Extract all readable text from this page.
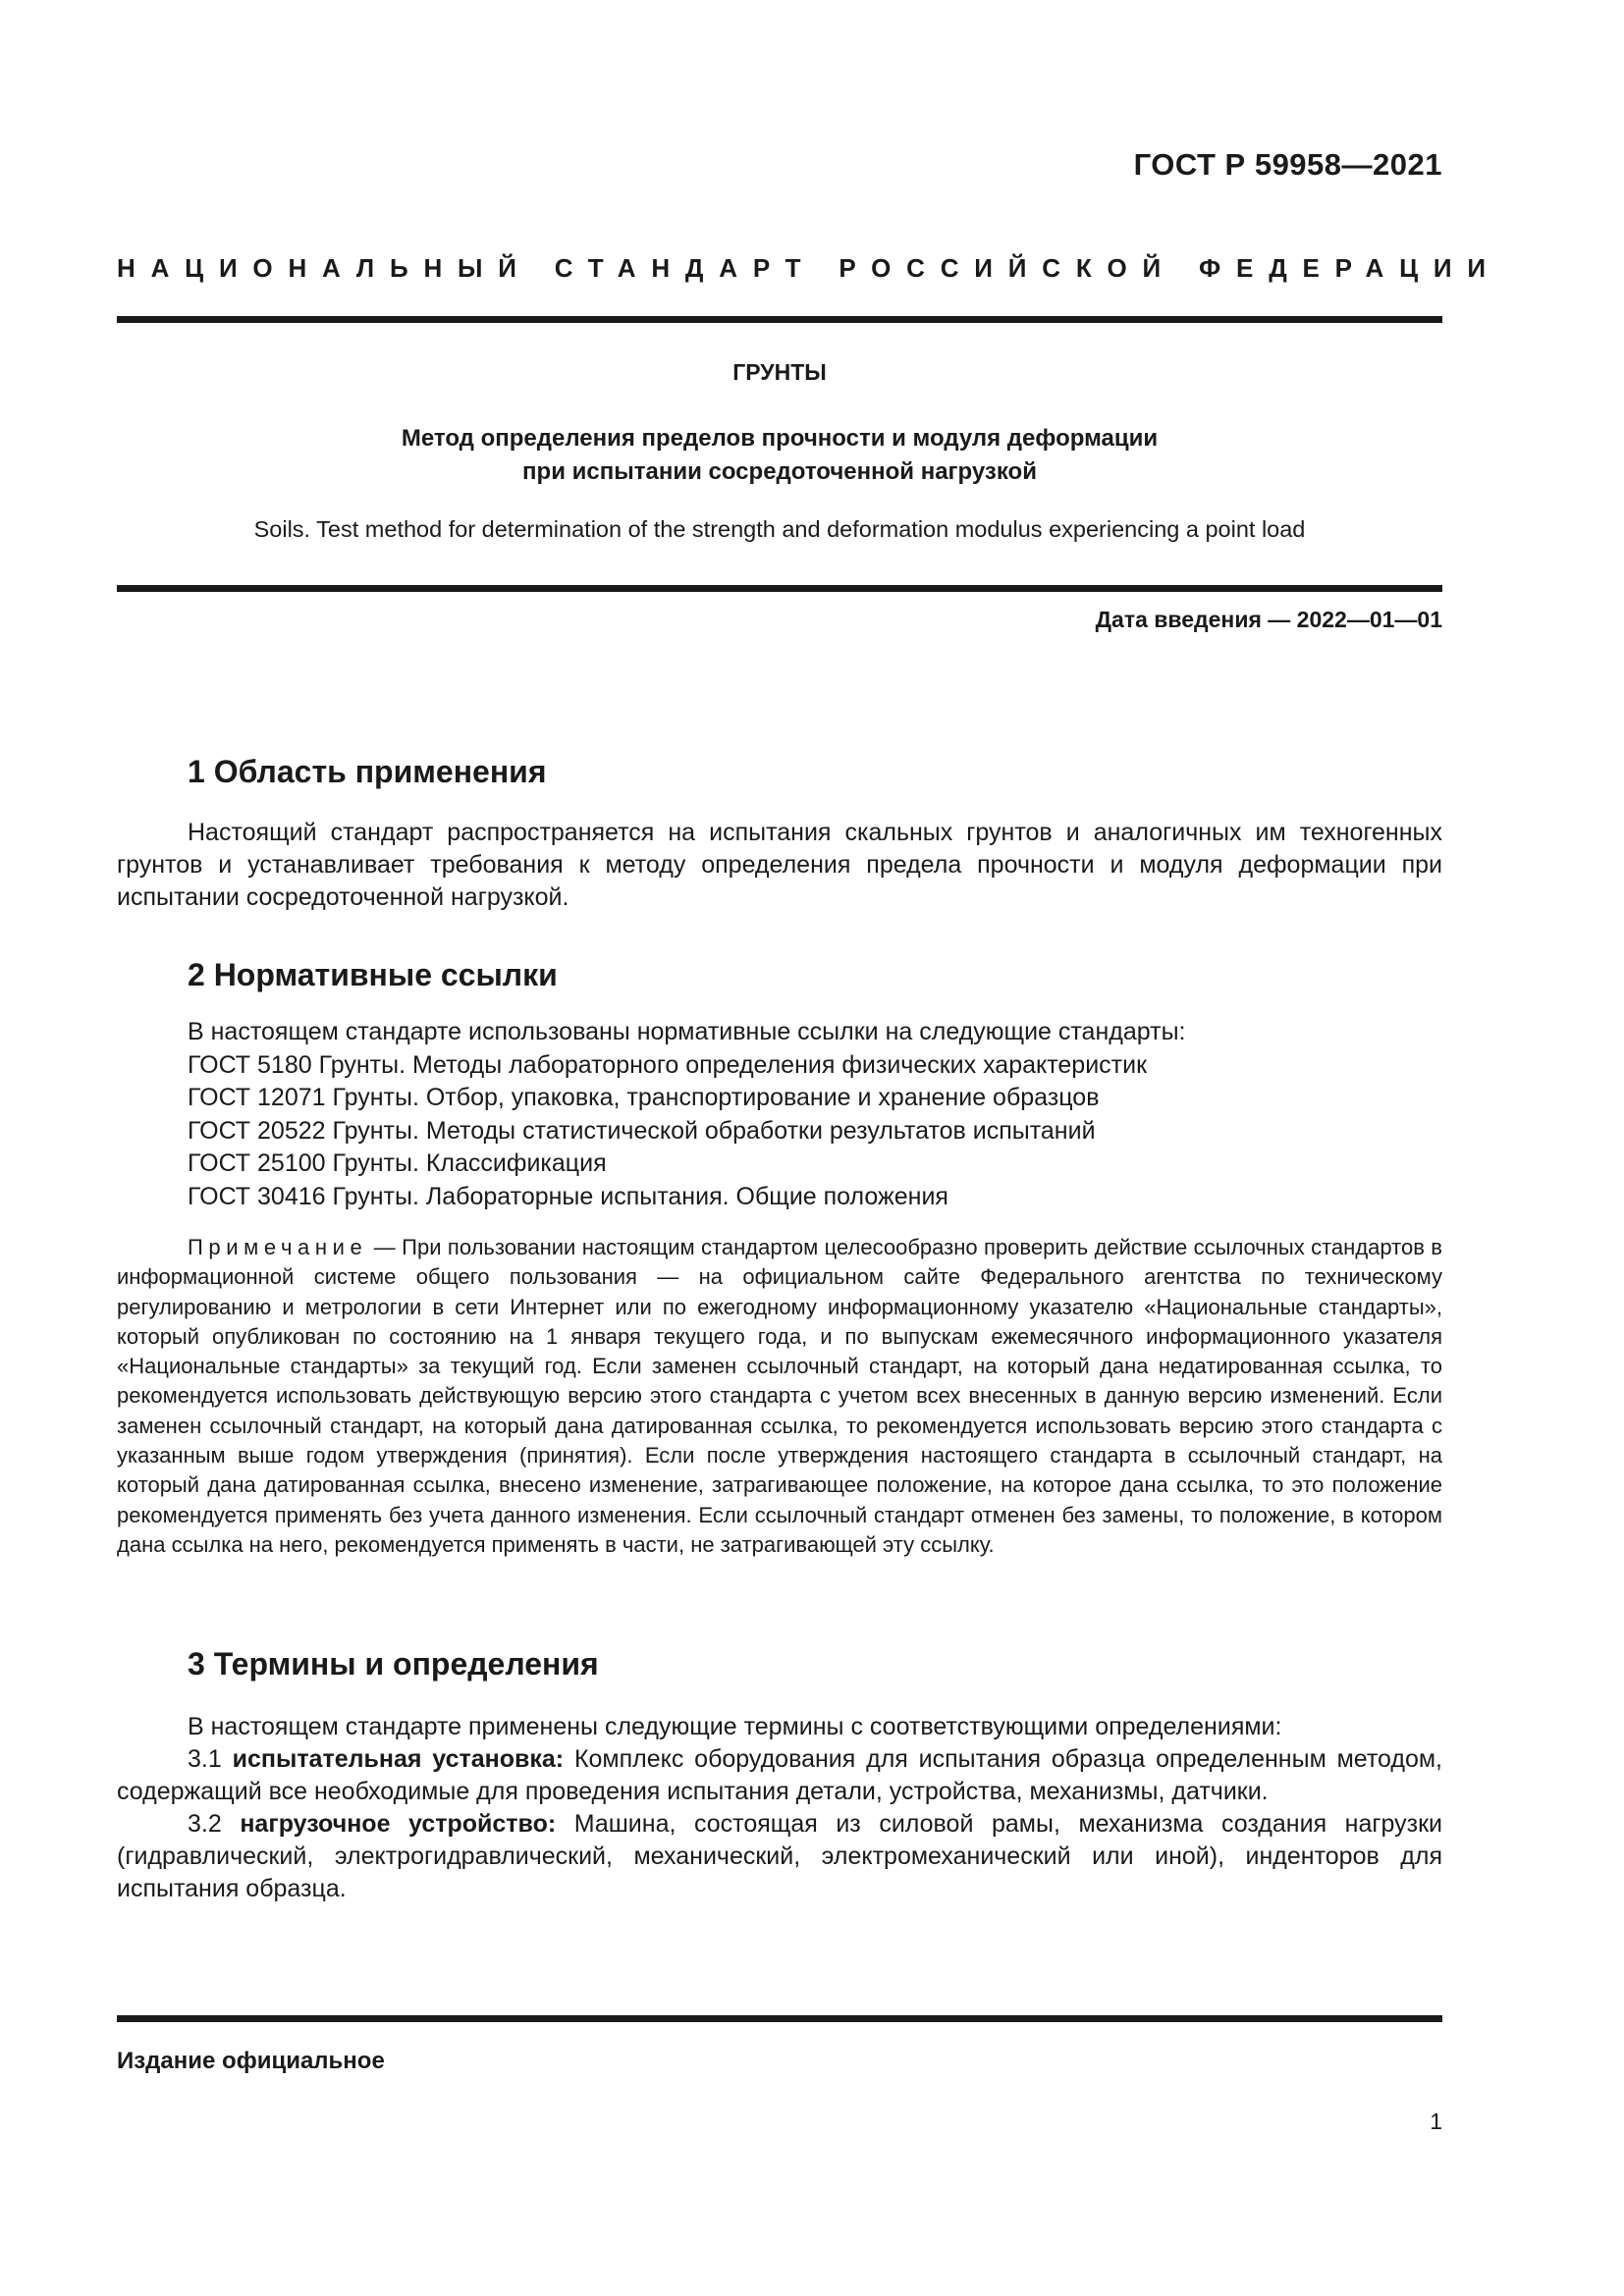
ГОСТ Р 59958—2021
НАЦИОНАЛЬНЫЙ СТАНДАРТ РОССИЙСКОЙ ФЕДЕРАЦИИ
ГРУНТЫ
Метод определения пределов прочности и модуля деформации
при испытании сосредоточенной нагрузкой
Soils. Test method for determination of the strength and deformation modulus experiencing a point load
Дата введения — 2022—01—01
1 Область применения
Настоящий стандарт распространяется на испытания скальных грунтов и аналогичных им техногенных грунтов и устанавливает требования к методу определения предела прочности и модуля деформации при испытании сосредоточенной нагрузкой.
2 Нормативные ссылки
В настоящем стандарте использованы нормативные ссылки на следующие стандарты:
ГОСТ 5180 Грунты. Методы лабораторного определения физических характеристик
ГОСТ 12071 Грунты. Отбор, упаковка, транспортирование и хранение образцов
ГОСТ 20522 Грунты. Методы статистической обработки результатов испытаний
ГОСТ 25100 Грунты. Классификация
ГОСТ 30416 Грунты. Лабораторные испытания. Общие положения
Примечание — При пользовании настоящим стандартом целесообразно проверить действие ссылочных стандартов в информационной системе общего пользования — на официальном сайте Федерального агентства по техническому регулированию и метрологии в сети Интернет или по ежегодному информационному указателю «Национальные стандарты», который опубликован по состоянию на 1 января текущего года, и по выпускам ежемесячного информационного указателя «Национальные стандарты» за текущий год. Если заменен ссылочный стандарт, на который дана недатированная ссылка, то рекомендуется использовать действующую версию этого стандарта с учетом всех внесенных в данную версию изменений. Если заменен ссылочный стандарт, на который дана датированная ссылка, то рекомендуется использовать версию этого стандарта с указанным выше годом утверждения (принятия). Если после утверждения настоящего стандарта в ссылочный стандарт, на который дана датированная ссылка, внесено изменение, затрагивающее положение, на которое дана ссылка, то это положение рекомендуется применять без учета данного изменения. Если ссылочный стандарт отменен без замены, то положение, в котором дана ссылка на него, рекомендуется применять в части, не затрагивающей эту ссылку.
3 Термины и определения
В настоящем стандарте применены следующие термины с соответствующими определениями:
3.1 испытательная установка: Комплекс оборудования для испытания образца определенным методом, содержащий все необходимые для проведения испытания детали, устройства, механизмы, датчики.
3.2 нагрузочное устройство: Машина, состоящая из силовой рамы, механизма создания нагрузки (гидравлический, электрогидравлический, механический, электромеханический или иной), инденторов для испытания образца.
Издание официальное
1
